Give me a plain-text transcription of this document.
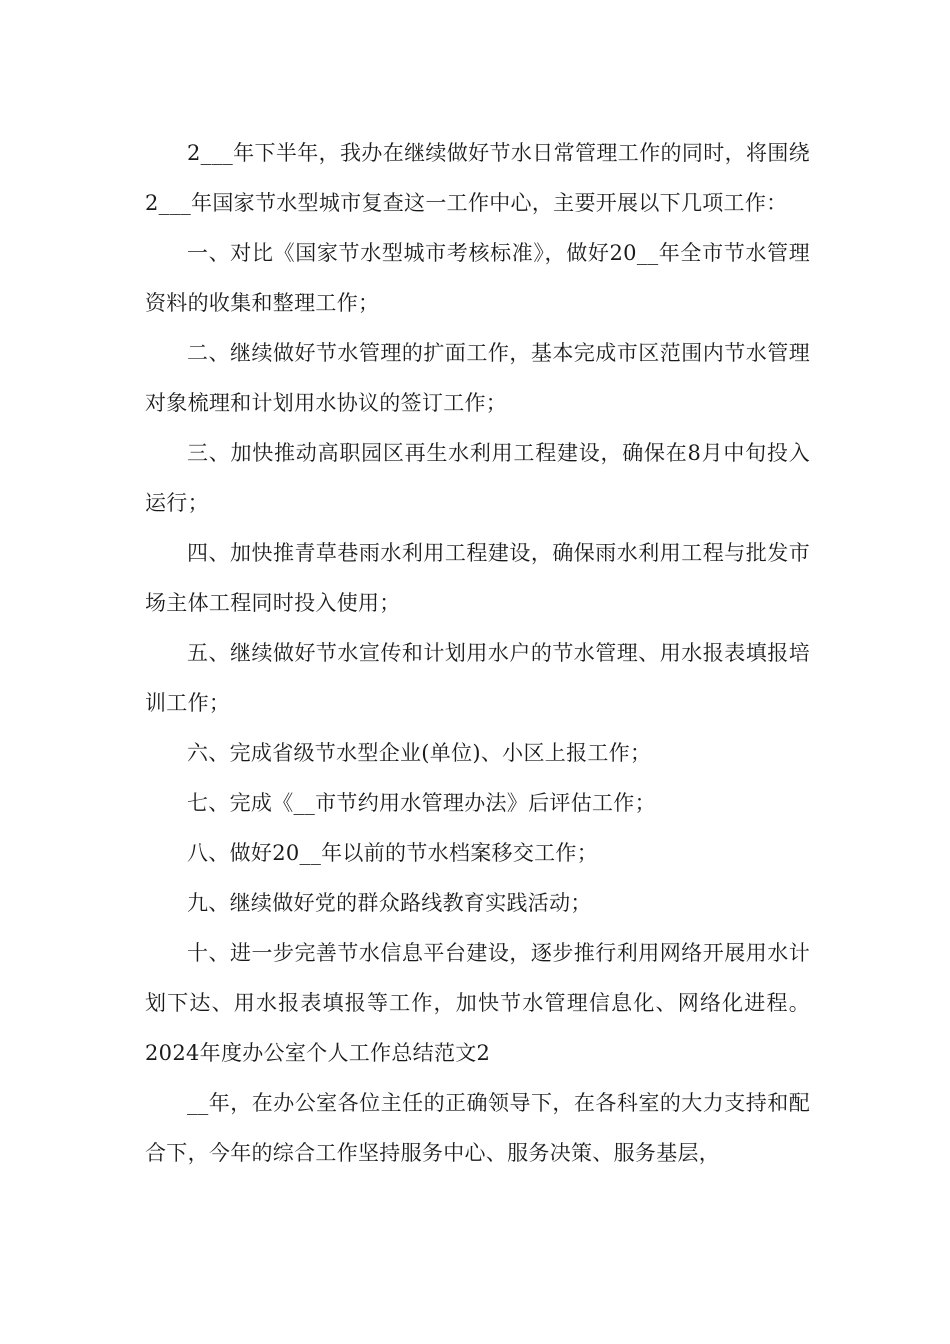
2___年下半年，我办在继续做好节水日常管理工作的同时，将围绕2___年国家节水型城市复查这一工作中心，主要开展以下几项工作：

一、对比《国家节水型城市考核标准》，做好20__年全市节水管理资料的收集和整理工作；

二、继续做好节水管理的扩面工作，基本完成市区范围内节水管理对象梳理和计划用水协议的签订工作；

三、加快推动高职园区再生水利用工程建设，确保在8月中旬投入运行；

四、加快推青草巷雨水利用工程建设，确保雨水利用工程与批发市场主体工程同时投入使用；

五、继续做好节水宣传和计划用水户的节水管理、用水报表填报培训工作；

六、完成省级节水型企业(单位)、小区上报工作；

七、完成《__市节约用水管理办法》后评估工作；

八、做好20__年以前的节水档案移交工作；

九、继续做好党的群众路线教育实践活动；

十、进一步完善节水信息平台建设，逐步推行利用网络开展用水计划下达、用水报表填报等工作，加快节水管理信息化、网络化进程。2024年度办公室个人工作总结范文2

__年，在办公室各位主任的正确领导下，在各科室的大力支持和配合下，今年的综合工作坚持服务中心、服务决策、服务基层，
